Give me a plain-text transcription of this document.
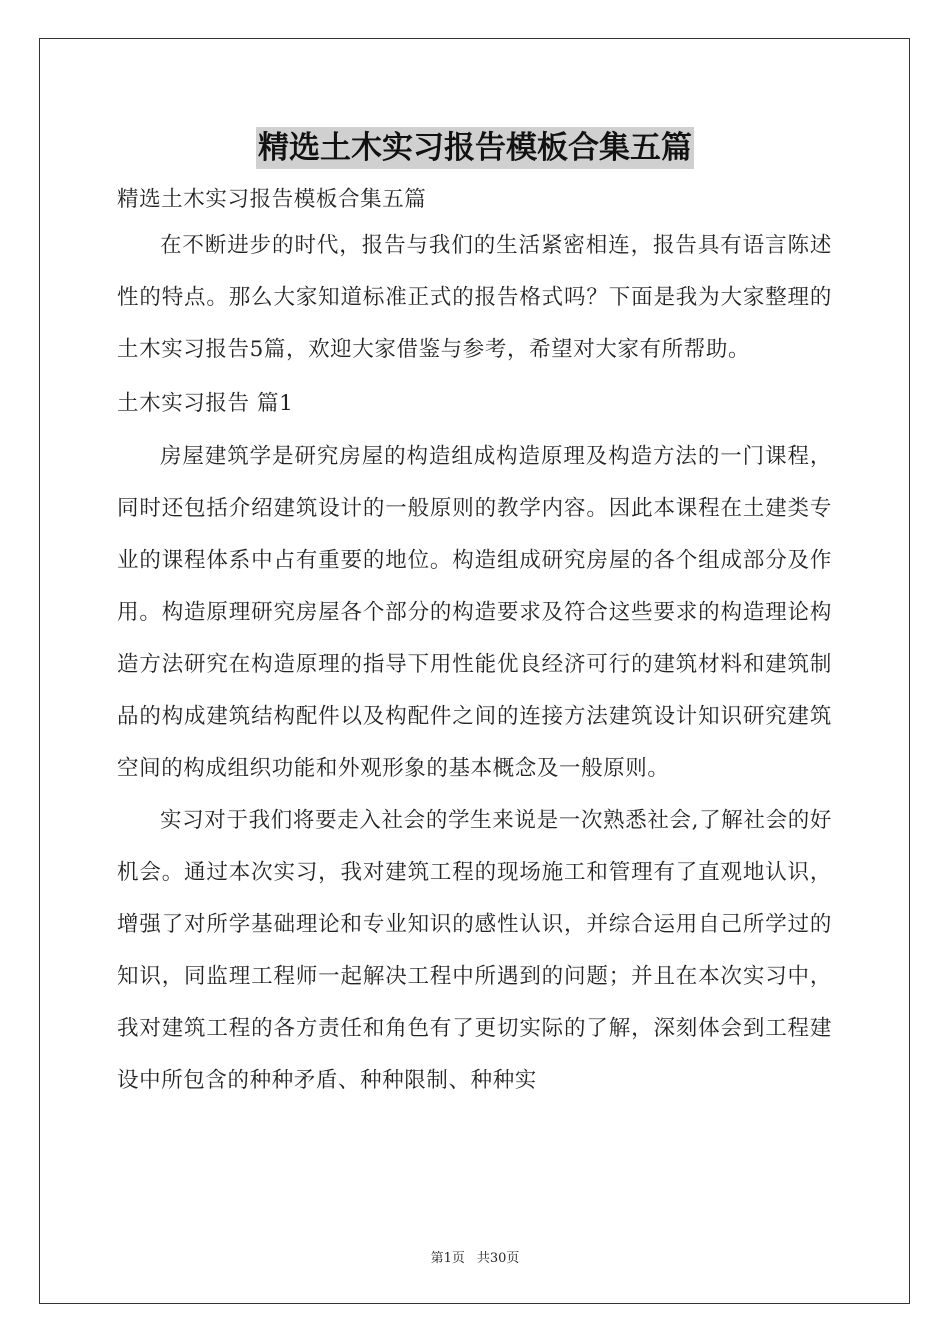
精选土木实习报告模板合集五篇

精选土木实习报告模板合集五篇

在不断进步的时代，报告与我们的生活紧密相连，报告具有语言陈述性的特点。那么大家知道标准正式的报告格式吗？下面是我为大家整理的土木实习报告5篇，欢迎大家借鉴与参考，希望对大家有所帮助。

土木实习报告 篇1

房屋建筑学是研究房屋的构造组成构造原理及构造方法的一门课程，同时还包括介绍建筑设计的一般原则的教学内容。因此本课程在土建类专业的课程体系中占有重要的地位。构造组成研究房屋的各个组成部分及作用。构造原理研究房屋各个部分的构造要求及符合这些要求的构造理论构造方法研究在构造原理的指导下用性能优良经济可行的建筑材料和建筑制品的构成建筑结构配件以及构配件之间的连接方法建筑设计知识研究建筑空间的构成组织功能和外观形象的基本概念及一般原则。

实习对于我们将要走入社会的学生来说是一次熟悉社会,了解社会的好机会。通过本次实习，我对建筑工程的现场施工和管理有了直观地认识，增强了对所学基础理论和专业知识的感性认识，并综合运用自己所学过的知识，同监理工程师一起解决工程中所遇到的问题；并且在本次实习中，我对建筑工程的各方责任和角色有了更切实际的了解，深刻体会到工程建设中所包含的种种矛盾、种种限制、种种实

第1页 共30页
